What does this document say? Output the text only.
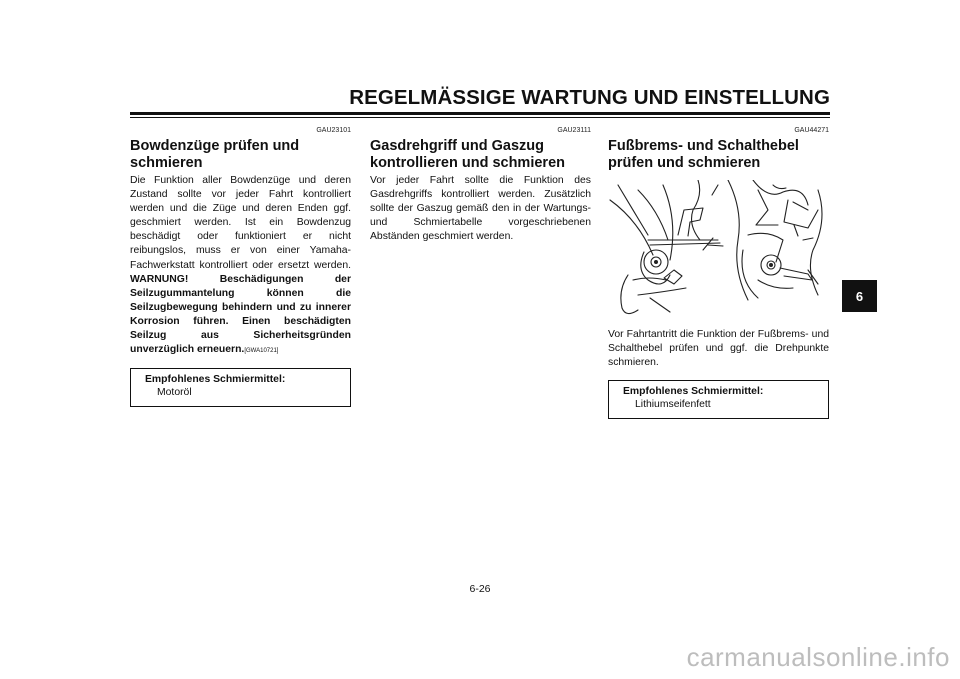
REGELMÄSSIGE WARTUNG UND EINSTELLUNG
GAU23101
Bowdenzüge prüfen und schmieren
Die Funktion aller Bowdenzüge und deren Zustand sollte vor jeder Fahrt kontrolliert werden und die Züge und deren Enden ggf. geschmiert werden. Ist ein Bowdenzug beschädigt oder funktioniert er nicht reibungslos, muss er von einer Yamaha-Fachwerkstatt kontrolliert oder ersetzt werden. WARNUNG! Beschädigungen der Seilzugummantelung können die Seilzugbewegung behindern und zu innerer Korrosion führen. Einen beschädigten Seilzug aus Sicherheitsgründen unverzüglich erneuern.[GWA10721]
Empfohlenes Schmiermittel:
Motoröl
GAU23111
Gasdrehgriff und Gaszug kontrollieren und schmieren
Vor jeder Fahrt sollte die Funktion des Gasdrehgriffs kontrolliert werden. Zusätzlich sollte der Gaszug gemäß den in der Wartungs- und Schmiertabelle vorgeschriebenen Abständen geschmiert werden.
GAU44271
Fußbrems- und Schalthebel prüfen und schmieren
Vor Fahrtantritt die Funktion der Fußbrems- und Schalthebel prüfen und ggf. die Drehpunkte schmieren.
Empfohlenes Schmiermittel:
Lithiumseifenfett
6
6-26
carmanualsonline.info
